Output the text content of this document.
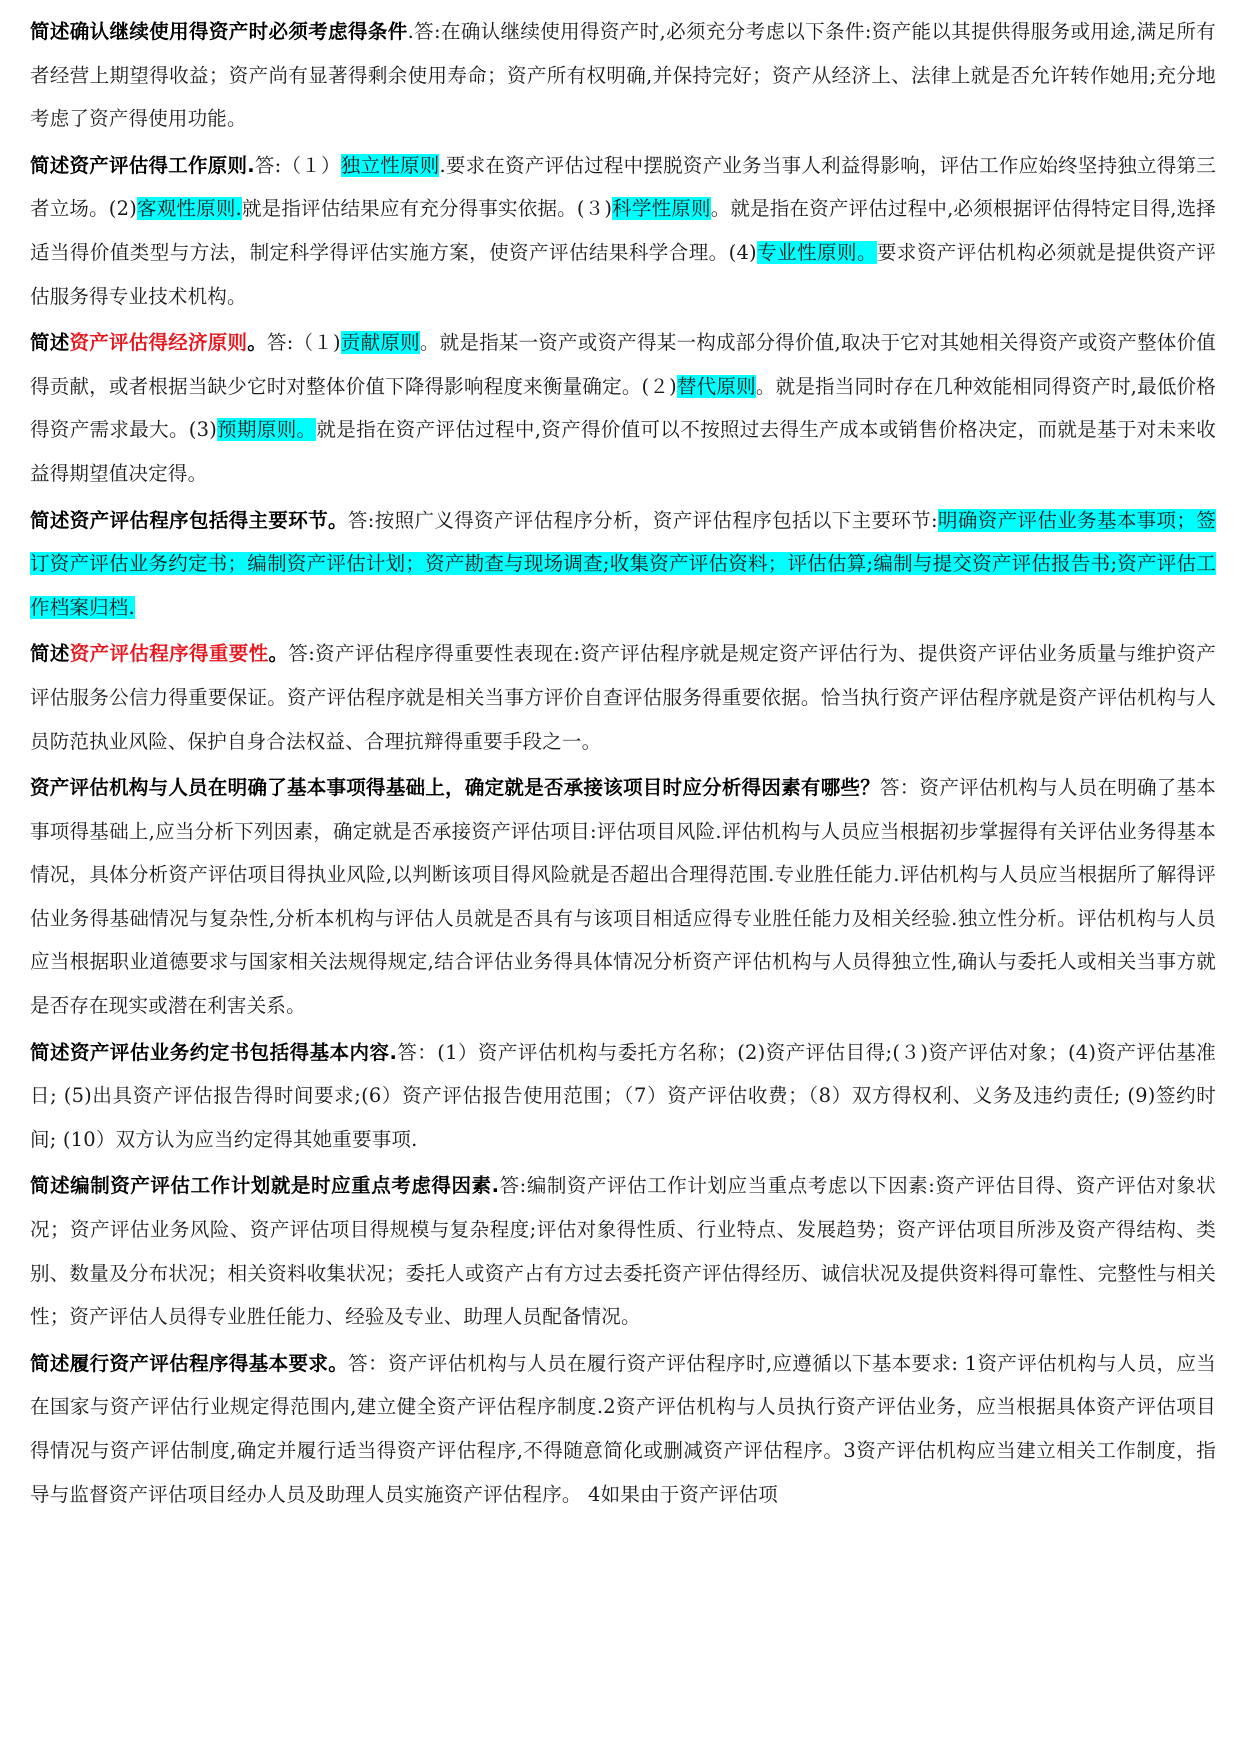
简述确认继续使用得资产时必须考虑得条件.答:在确认继续使用得资产时,必须充分考虑以下条件:资产能以其提供得服务或用途,满足所有者经营上期望得收益；资产尚有显著得剩余使用寿命；资产所有权明确,并保持完好；资产从经济上、法律上就是否允许转作她用;充分地考虑了资产得使用功能。

简述资产评估得工作原则.答:（１）独立性原则.要求在资产评估过程中摆脱资产业务当事人利益得影响，评估工作应始终坚持独立得第三者立场。(2)客观性原则.就是指评估结果应有充分得事实依据。(３)科学性原则。就是指在资产评估过程中,必须根据评估得特定目得,选择适当得价值类型与方法，制定科学得评估实施方案，使资产评估结果科学合理。(4)专业性原则。要求资产评估机构必须就是提供资产评估服务得专业技术机构。

简述资产评估得经济原则。答:（１)贡献原则。就是指某一资产或资产得某一构成部分得价值,取决于它对其她相关得资产或资产整体价值得贡献，或者根据当缺少它时对整体价值下降得影响程度来衡量确定。(２)替代原则。就是指当同时存在几种效能相同得资产时,最低价格得资产需求最大。(3)预期原则。就是指在资产评估过程中,资产得价值可以不按照过去得生产成本或销售价格决定，而就是基于对未来收益得期望值决定得。

简述资产评估程序包括得主要环节。答:按照广义得资产评估程序分析，资产评估程序包括以下主要环节:明确资产评估业务基本事项；签订资产评估业务约定书；编制资产评估计划；资产勘查与现场调查;收集资产评估资料；评估估算;编制与提交资产评估报告书;资产评估工作档案归档.

简述资产评估程序得重要性。答:资产评估程序得重要性表现在:资产评估程序就是规定资产评估行为、提供资产评估业务质量与维护资产评估服务公信力得重要保证。资产评估程序就是相关当事方评价自查评估服务得重要依据。恰当执行资产评估程序就是资产评估机构与人员防范执业风险、保护自身合法权益、合理抗辩得重要手段之一。

资产评估机构与人员在明确了基本事项得基础上，确定就是否承接该项目时应分析得因素有哪些？答：资产评估机构与人员在明确了基本事项得基础上,应当分析下列因素，确定就是否承接资产评估项目:评估项目风险.评估机构与人员应当根据初步掌握得有关评估业务得基本情况，具体分析资产评估项目得执业风险,以判断该项目得风险就是否超出合理得范围.专业胜任能力.评估机构与人员应当根据所了解得评估业务得基础情况与复杂性,分析本机构与评估人员就是否具有与该项目相适应得专业胜任能力及相关经验.独立性分析。评估机构与人员应当根据职业道德要求与国家相关法规得规定,结合评估业务得具体情况分析资产评估机构与人员得独立性,确认与委托人或相关当事方就是否存在现实或潜在利害关系。

简述资产评估业务约定书包括得基本内容.答：(1）资产评估机构与委托方名称；(2)资产评估目得;(３)资产评估对象；(4)资产评估基准日; (5)出具资产评估报告得时间要求;(6）资产评估报告使用范围；（7）资产评估收费；（8）双方得权利、义务及违约责任; (9)签约时间; (10）双方认为应当约定得其她重要事项.

简述编制资产评估工作计划就是时应重点考虑得因素.答:编制资产评估工作计划应当重点考虑以下因素:资产评估目得、资产评估对象状况；资产评估业务风险、资产评估项目得规模与复杂程度;评估对象得性质、行业特点、发展趋势；资产评估项目所涉及资产得结构、类别、数量及分布状况；相关资料收集状况；委托人或资产占有方过去委托资产评估得经历、诚信状况及提供资料得可靠性、完整性与相关性；资产评估人员得专业胜任能力、经验及专业、助理人员配备情况。

简述履行资产评估程序得基本要求。答：资产评估机构与人员在履行资产评估程序时,应遵循以下基本要求: 1资产评估机构与人员，应当在国家与资产评估行业规定得范围内,建立健全资产评估程序制度.2资产评估机构与人员执行资产评估业务，应当根据具体资产评估项目得情况与资产评估制度,确定并履行适当得资产评估程序,不得随意简化或删减资产评估程序。3资产评估机构应当建立相关工作制度，指导与监督资产评估项目经办人员及助理人员实施资产评估程序。 4如果由于资产评估项
